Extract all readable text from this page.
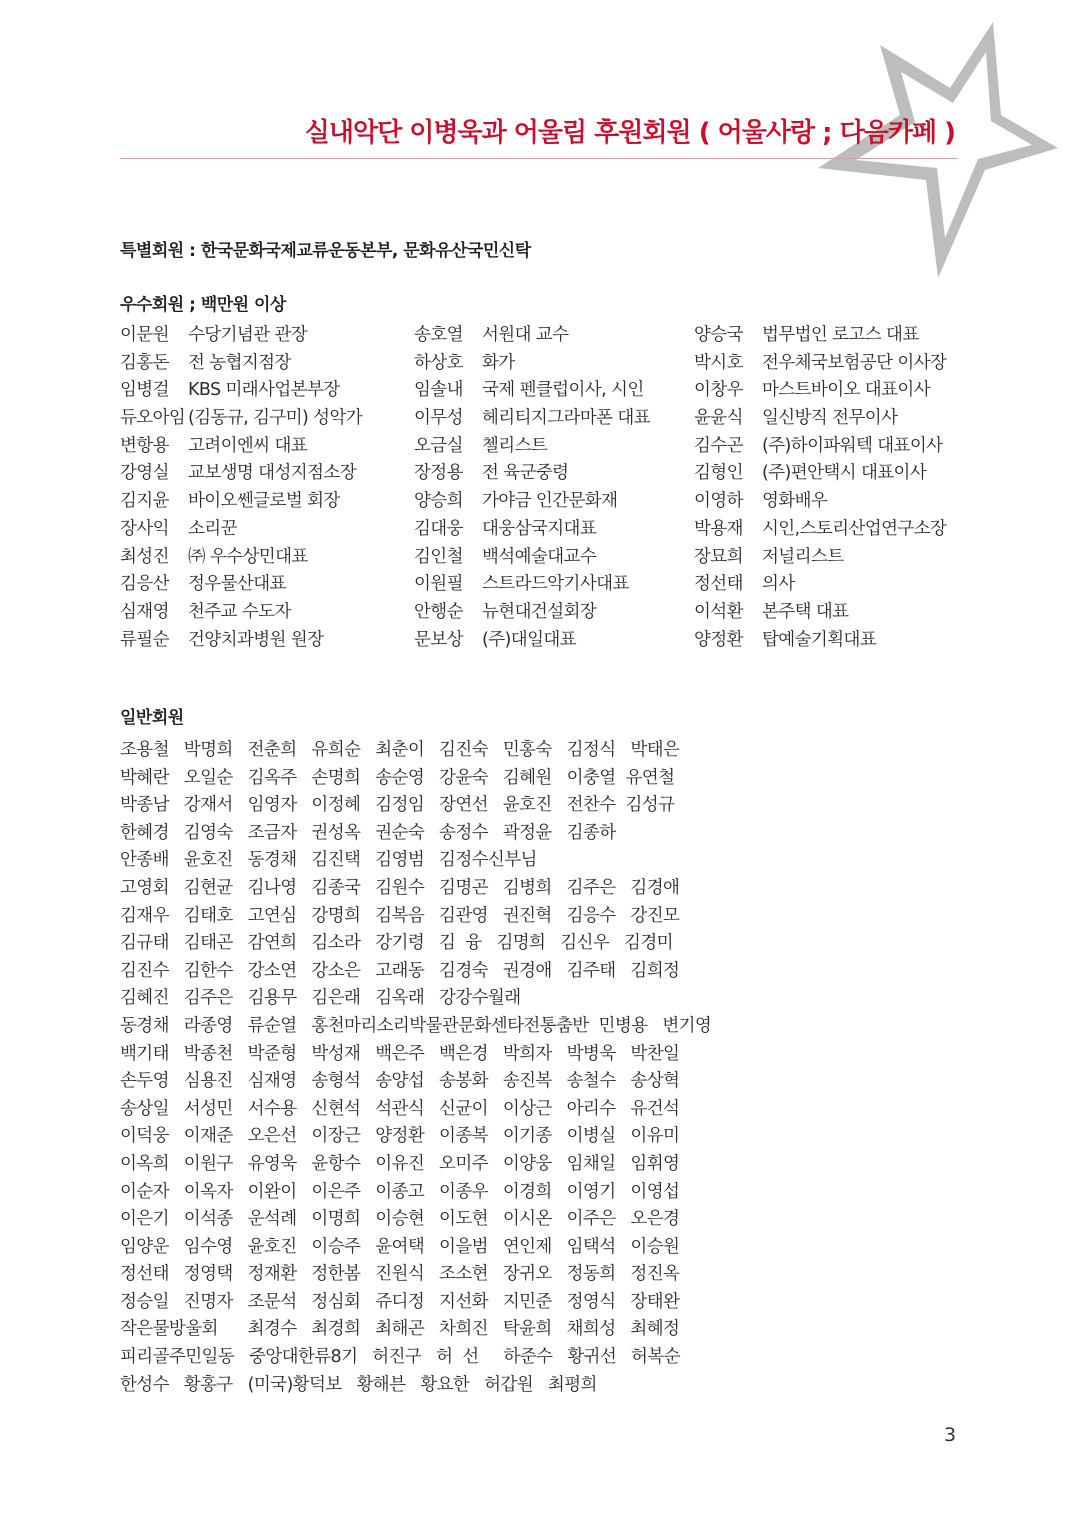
실내악단 이병욱과 어울림 후원회원 ( 어울사랑 ; 다음카페 )
특별회원 : 한국문화국제교류운동본부, 문화유산국민신탁
우수회원 ; 백만원 이상
이문원 수당기념관 관장
김홍돈 전 농협지점장
임병걸 KBS 미래사업본부장
듀오아임 (김동규, 김구미) 성악가
변항용 고려이엔씨 대표
강영실 교보생명 대성지점소장
김지윤 바이오쎈글로벌 회장
장사익 소리꾼
최성진 ㈜ 우수상민대표
김응산 정우물산대표
심재영 천주교 수도자
류필순 건양치과병원 원장
송호열 서원대 교수
하상호 화가
임솔내 국제 펜클럽이사, 시인
이무성 헤리티지그라마폰 대표
오금실 첼리스트
장정용 전 육군중령
양승희 가야금 인간문화재
김대웅 대웅삼국지대표
김인철 백석예술대교수
이원필 스트라드악기사대표
안행순 뉴현대건설회장
문보상 (주)대일대표
양승국 법무법인 로고스 대표
박시호 전우체국보험공단 이사장
이창우 마스트바이오 대표이사
윤윤식 일신방직 전무이사
김수곤 (주)하이파워텍 대표이사
김형인 (주)편안택시 대표이사
이영하 영화배우
박용재 시인,스토리산업연구소장
장묘희 저널리스트
정선태 의사
이석환 본주택 대표
양정환 탑예술기획대표
일반회원
조용철   박명희   전춘희   유희순   최춘이   김진숙   민홍숙   김정식   박태은
박혜란   오일순   김옥주   손명희   송순영   강윤숙   김혜원   이충열  유연철
박종남   강재서   임영자   이정혜   김정임   장연선   윤호진   전찬수  김성규
한혜경   김영숙   조금자   권성옥   권순숙   송정수   곽정윤   김종하
안종배   윤호진   동경채   김진택   김영범   김정수신부님
고영회   김현균   김나영   김종국   김원수   김명곤   김병희   김주은   김경애
김재우   김태호   고연심   강명희   김복음   김관영   권진혁   김응수   강진모
김규태   김태곤   감연희   김소라   강기령   김  융   김명희   김신우   김경미
김진수   김한수   강소연   강소은   고래동   김경숙   권경애   김주태   김희정
김혜진   김주은   김용무   김은래   김옥래   강강수월래
동경채   라종영   류순열   홍천마리소리박물관문화센타전통춤반  민병용   변기영
백기태   박종천   박준형   박성재   백은주   백은경   박희자   박병욱   박찬일
손두영   심용진   심재영   송형석   송양섭   송봉화   송진복   송철수   송상혁
송상일   서성민   서수용   신현석   석관식   신균이   이상근   아리수   유건석
이덕웅   이재준   오은선   이장근   양정환   이종복   이기종   이병실   이유미
이옥희   이원구   유영욱   윤항수   이유진   오미주   이양웅   임채일   임휘영
이순자   이옥자   이완이   이은주   이종고   이종우   이경희   이영기   이영섭
이은기   이석종   운석례   이명희   이승현   이도현   이시온   이주은   오은경
임양운   임수영   윤호진   이승주   윤여택   이을범   연인제   임택석   이승원
정선태   정영택   정재환   정한봄   진원식   조소현   장귀오   정동희   정진옥
정승일   진명자   조문석   정심회   쥬디정   지선화   지민준   정영식   장태완
작은물방울회      최경수   최경희   최해곤   차희진   탁윤희   채희성   최혜정
피리골주민일동   중앙대한류8기   허진구   허  선     하준수   황귀선   허복순
한성수   황홍구   (미국)황덕보   황해븐   황요한   허갑원   최평희
3
